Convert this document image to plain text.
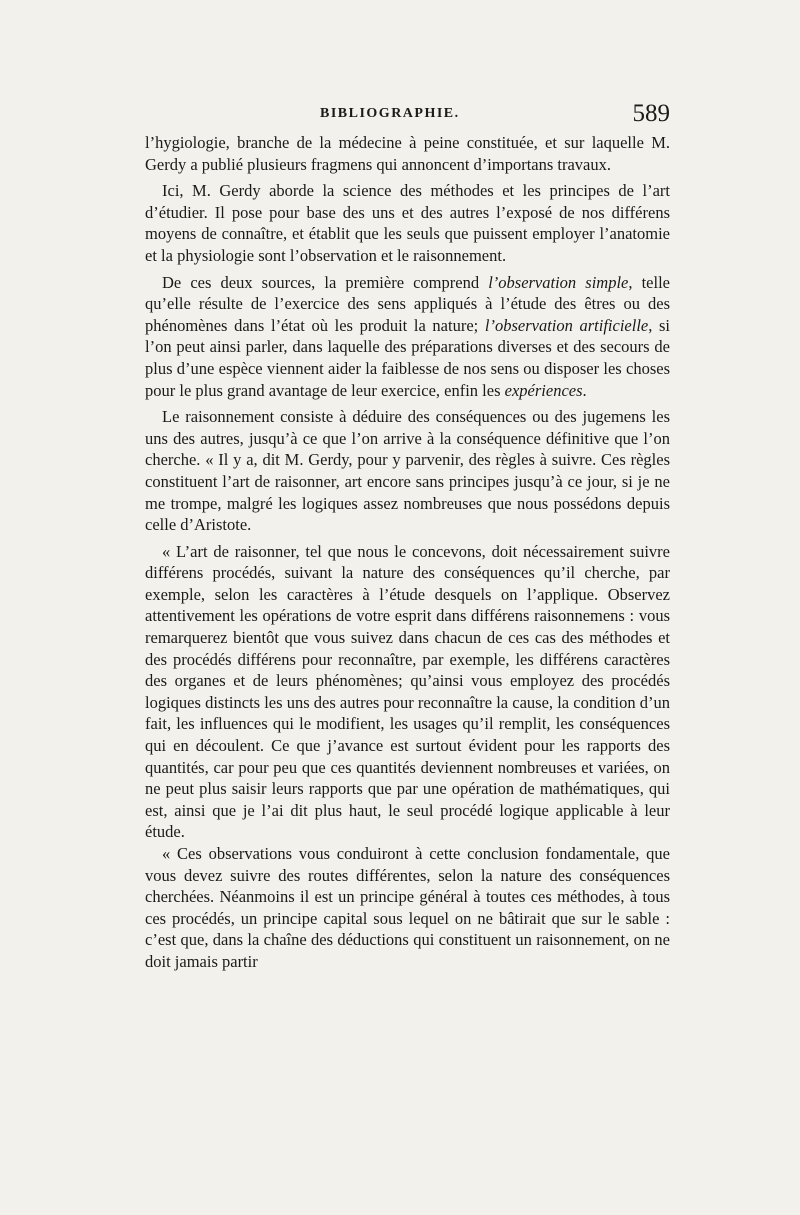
BIBLIOGRAPHIE.	589

l’hygiologie, branche de la médecine à peine constituée, et sur laquelle M. Gerdy a publié plusieurs fragmens qui annoncent d’importans travaux.

Ici, M. Gerdy aborde la science des méthodes et les principes de l’art d’étudier. Il pose pour base des uns et des autres l’exposé de nos différens moyens de connaître, et établit que les seuls que puissent employer l’anatomie et la physiologie sont l’observation et le raisonnement.

De ces deux sources, la première comprend l’observation simple, telle qu’elle résulte de l’exercice des sens appliqués à l’étude des êtres ou des phénomènes dans l’état où les produit la nature; l’observation artificielle, si l’on peut ainsi parler, dans laquelle des préparations diverses et des secours de plus d’une espèce viennent aider la faiblesse de nos sens ou disposer les choses pour le plus grand avantage de leur exercice, enfin les expériences.

Le raisonnement consiste à déduire des conséquences ou des jugemens les uns des autres, jusqu’à ce que l’on arrive à la conséquence définitive que l’on cherche. « Il y a, dit M. Gerdy, pour y parvenir, des règles à suivre. Ces règles constituent l’art de raisonner, art encore sans principes jusqu’à ce jour, si je ne me trompe, malgré les logiques assez nombreuses que nous possédons depuis celle d’Aristote.

« L’art de raisonner, tel que nous le concevons, doit nécessairement suivre différens procédés, suivant la nature des conséquences qu’il cherche, par exemple, selon les caractères à l’étude desquels on l’applique. Observez attentivement les opérations de votre esprit dans différens raisonnemens : vous remarquerez bientôt que vous suivez dans chacun de ces cas des méthodes et des procédés différens pour reconnaître, par exemple, les différens caractères des organes et de leurs phénomènes; qu’ainsi vous employez des procédés logiques distincts les uns des autres pour reconnaître la cause, la condition d’un fait, les influences qui le modifient, les usages qu’il remplit, les conséquences qui en découlent. Ce que j’avance est surtout évident pour les rapports des quantités, car pour peu que ces quantités deviennent nombreuses et variées, on ne peut plus saisir leurs rapports que par une opération de mathématiques, qui est, ainsi que je l’ai dit plus haut, le seul procédé logique applicable à leur étude.

« Ces observations vous conduiront à cette conclusion fondamentale, que vous devez suivre des routes différentes, selon la nature des conséquences cherchées. Néanmoins il est un principe général à toutes ces méthodes, à tous ces procédés, un principe capital sous lequel on ne bâtirait que sur le sable : c’est que, dans la chaîne des déductions qui constituent un raisonnement, on ne doit jamais partir
